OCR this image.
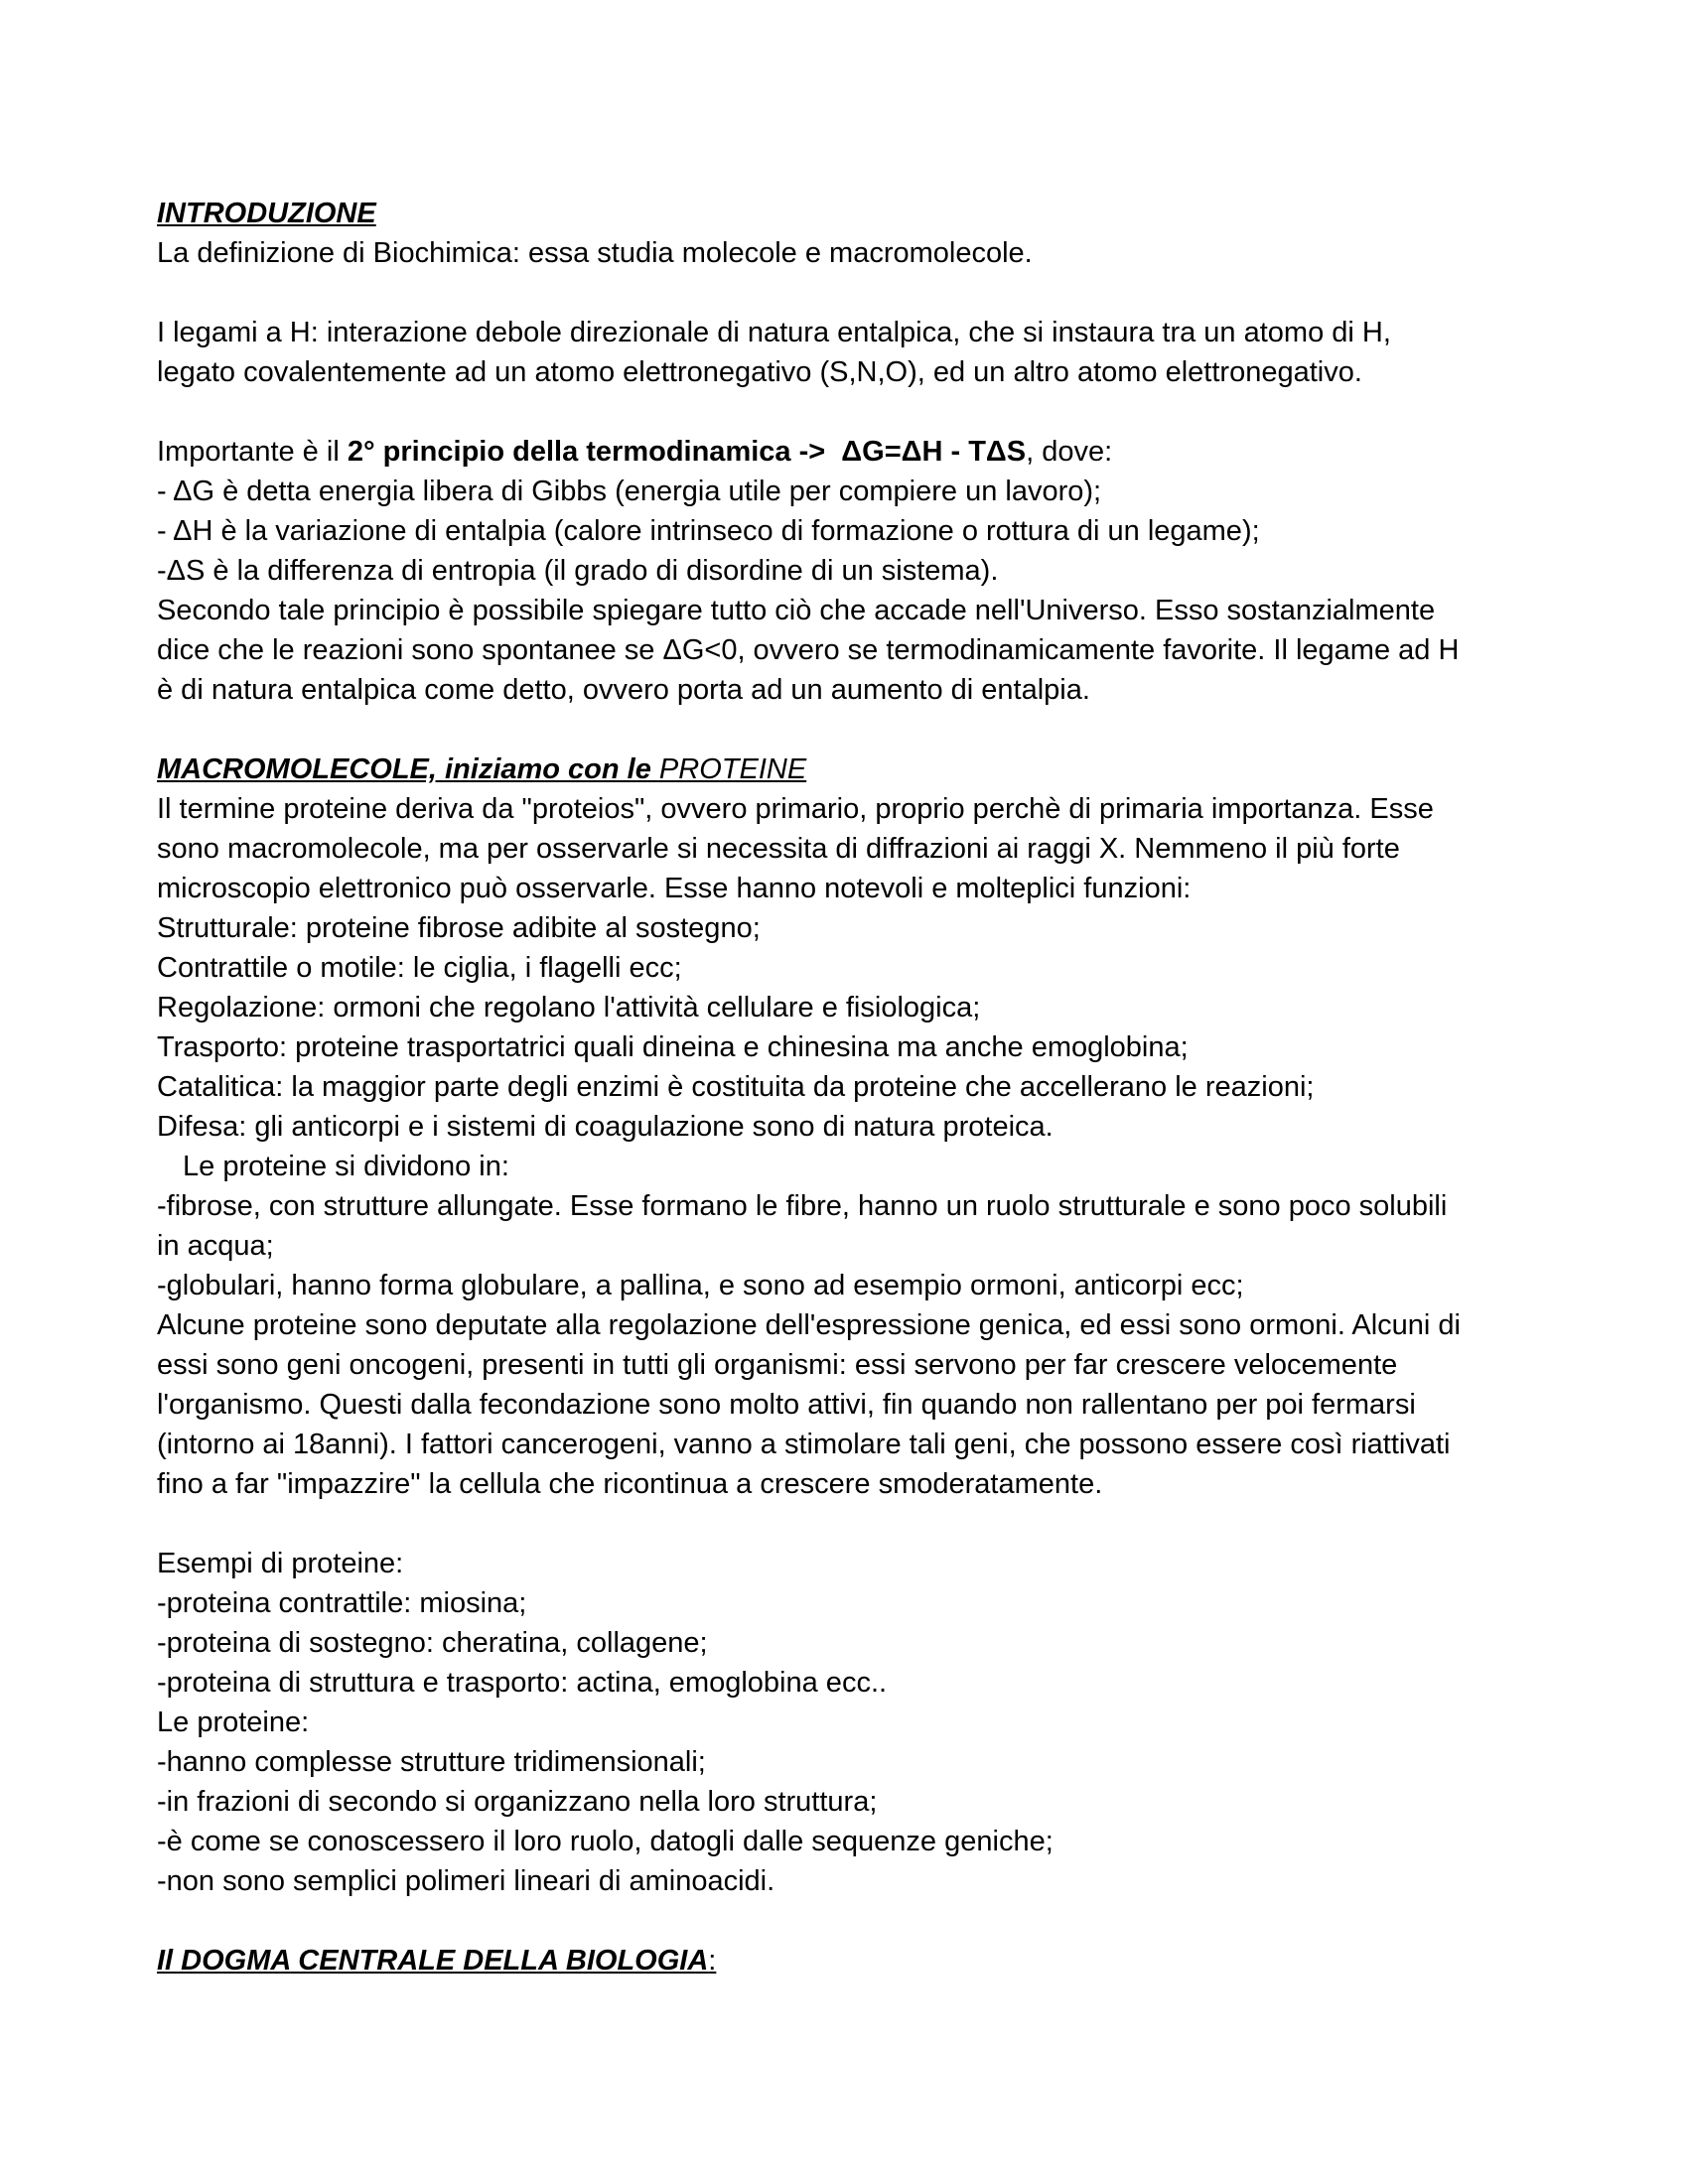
INTRODUZIONE
La definizione di Biochimica: essa studia molecole e macromolecole.
I legami a H: interazione debole direzionale di natura entalpica, che si instaura tra un atomo di H,
legato covalentemente ad un atomo elettronegativo (S,N,O), ed un altro atomo elettronegativo.
Importante è il 2° principio della termodinamica ->  ΔG=ΔH - TΔS, dove:
- ΔG è detta energia libera di Gibbs (energia utile per compiere un lavoro);
- ΔH è la variazione di entalpia (calore intrinseco di formazione o rottura di un legame);
-ΔS è la differenza di entropia (il grado di disordine di un sistema).
Secondo tale principio è possibile spiegare tutto ciò che accade nell'Universo. Esso sostanzialmente
dice che le reazioni sono spontanee se ΔG<0, ovvero se termodinamicamente favorite. Il legame ad H
è di natura entalpica come detto, ovvero porta ad un aumento di entalpia.
MACROMOLECOLE, iniziamo con le PROTEINE
Il termine proteine deriva da "proteios", ovvero primario, proprio perchè di primaria importanza. Esse
sono macromolecole, ma per osservarle si necessita di diffrazioni ai raggi X. Nemmeno il più forte
microscopio elettronico può osservarle. Esse hanno notevoli e molteplici funzioni:
Strutturale: proteine fibrose adibite al sostegno;
Contrattile o motile: le ciglia, i flagelli ecc;
Regolazione: ormoni che regolano l'attività cellulare e fisiologica;
Trasporto: proteine trasportatrici quali dineina e chinesina ma anche emoglobina;
Catalitica: la maggior parte degli enzimi è costituita da proteine che accellerano le reazioni;
Difesa: gli anticorpi e i sistemi di coagulazione sono di natura proteica.
Le proteine si dividono in:
-fibrose, con strutture allungate. Esse formano le fibre, hanno un ruolo strutturale e sono poco solubili
in acqua;
-globulari, hanno forma globulare, a pallina, e sono ad esempio ormoni, anticorpi ecc;
Alcune proteine sono deputate alla regolazione dell'espressione genica, ed essi sono ormoni. Alcuni di
essi sono geni oncogeni, presenti in tutti gli organismi: essi servono per far crescere velocemente
l'organismo. Questi dalla fecondazione sono molto attivi, fin quando non rallentano per poi fermarsi
(intorno ai 18anni). I fattori cancerogeni, vanno a stimolare tali geni, che possono essere così riattivati
fino a far "impazzire" la cellula che ricontinua a crescere smoderatamente.
Esempi di proteine:
-proteina contrattile: miosina;
-proteina di sostegno: cheratina, collagene;
-proteina di struttura e trasporto: actina, emoglobina ecc..
Le proteine:
-hanno complesse strutture tridimensionali;
-in frazioni di secondo si organizzano nella loro struttura;
-è come se conoscessero il loro ruolo, datogli dalle sequenze geniche;
-non sono semplici polimeri lineari di aminoacidi.
Il DOGMA CENTRALE DELLA BIOLOGIA:
